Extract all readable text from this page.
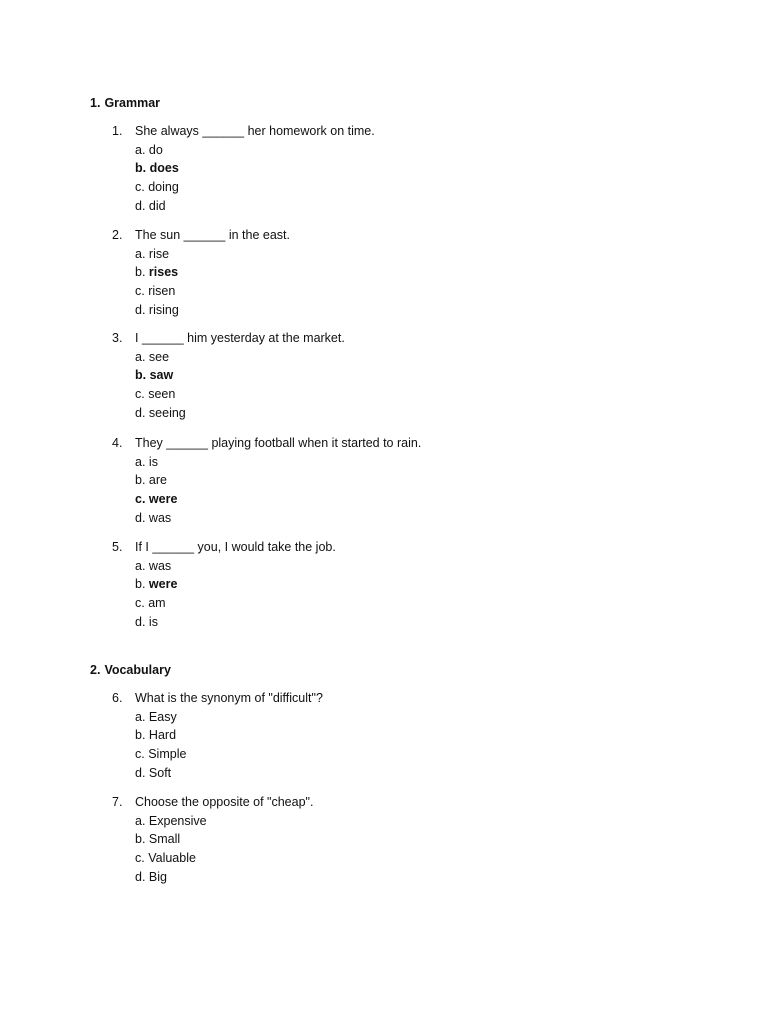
1. Grammar
1. She always ______ her homework on time.
a. do
b. does
c. doing
d. did
2. The sun ______ in the east.
a. rise
b. rises
c. risen
d. rising
3. I ______ him yesterday at the market.
a. see
b. saw
c. seen
d. seeing
4. They ______ playing football when it started to rain.
a. is
b. are
c. were
d. was
5. If I ______ you, I would take the job.
a. was
b. were
c. am
d. is
2. Vocabulary
6. What is the synonym of "difficult"?
a. Easy
b. Hard
c. Simple
d. Soft
7. Choose the opposite of "cheap".
a. Expensive
b. Small
c. Valuable
d. Big
